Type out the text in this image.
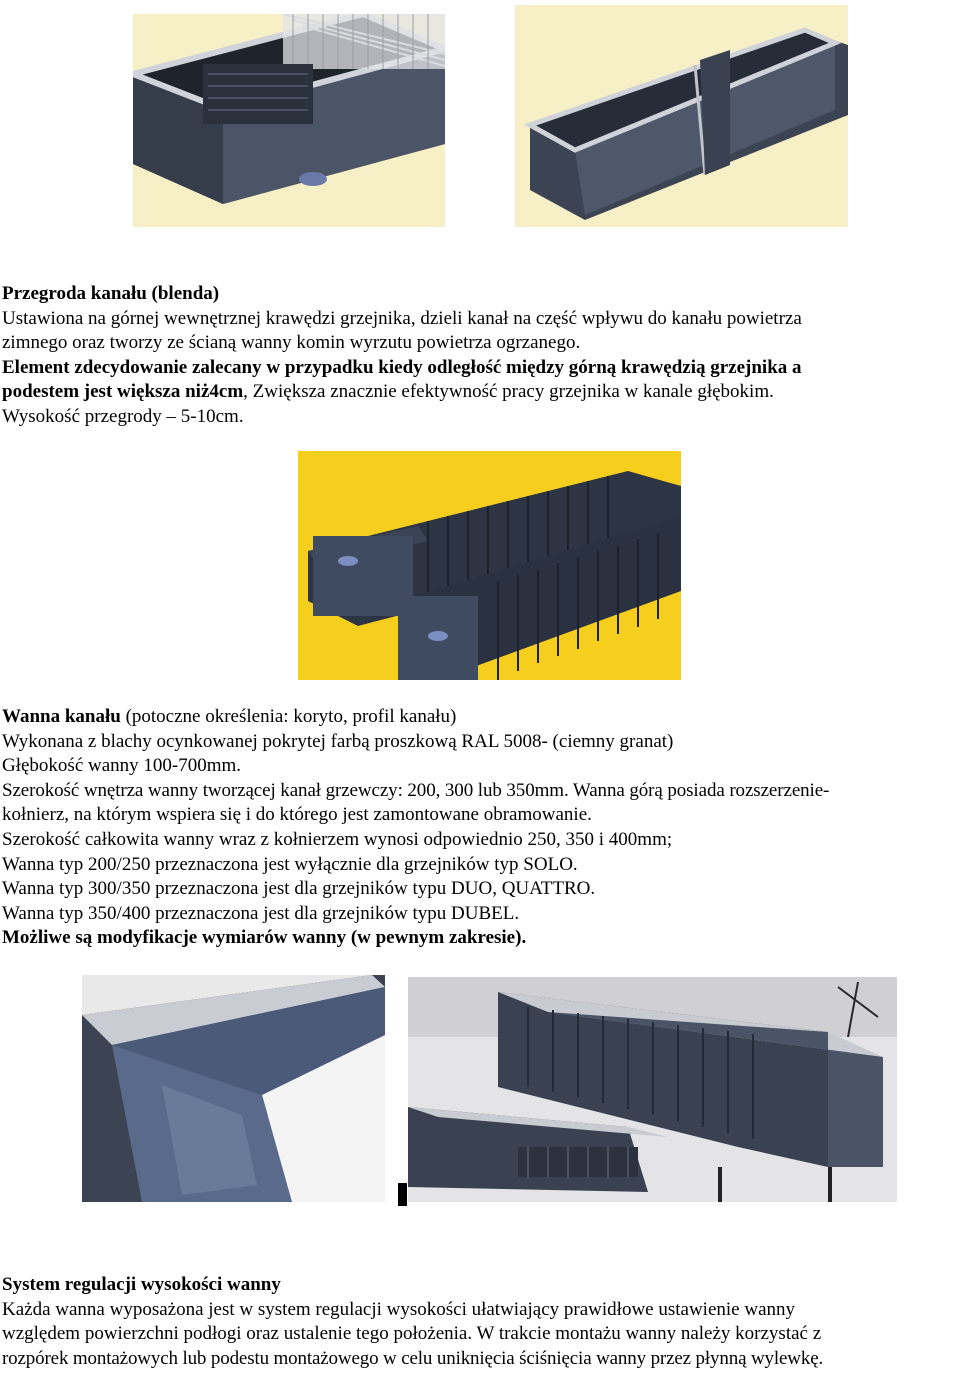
Przegroda kanału (blenda)

Ustawiona na górnej wewnętrznej krawędzi grzejnika, dzieli kanał na część wpływu do kanału powietrza

zimnego oraz tworzy ze ścianą wanny komin wyrzutu powietrza ogrzanego.

Element zdecydowanie zalecany w przypadku kiedy odległość między górną krawędzią grzejnika a

podestem jest większa niż4cm, Zwiększa znacznie efektywność pracy grzejnika w kanale głębokim.

Wysokość przegrody – 5-10cm.

Wanna kanału (potoczne określenia: koryto, profil kanału)

Wykonana z blachy ocynkowanej pokrytej farbą proszkową RAL 5008- (ciemny granat)

Głębokość wanny 100-700mm.

Szerokość wnętrza wanny tworzącej kanał grzewczy: 200, 300 lub 350mm. Wanna górą posiada rozszerzenie-

kołnierz, na którym wspiera się i do którego jest zamontowane obramowanie.

Szerokość całkowita wanny wraz z kołnierzem wynosi odpowiednio 250, 350 i 400mm;

Wanna typ 200/250 przeznaczona jest wyłącznie dla grzejników typ SOLO.

Wanna typ 300/350 przeznaczona jest dla grzejników typu DUO, QUATTRO.

Wanna typ 350/400 przeznaczona jest dla grzejników typu DUBEL.

Możliwe są modyfikacje wymiarów wanny (w pewnym zakresie).

System regulacji wysokości wanny

Każda wanna wyposażona jest w system regulacji wysokości ułatwiający prawidłowe ustawienie wanny

względem powierzchni podłogi oraz ustalenie tego położenia. W trakcie montażu wanny należy korzystać z

rozpórek montażowych lub podestu montażowego w celu uniknięcia ściśnięcia wanny przez płynną wylewkę.
